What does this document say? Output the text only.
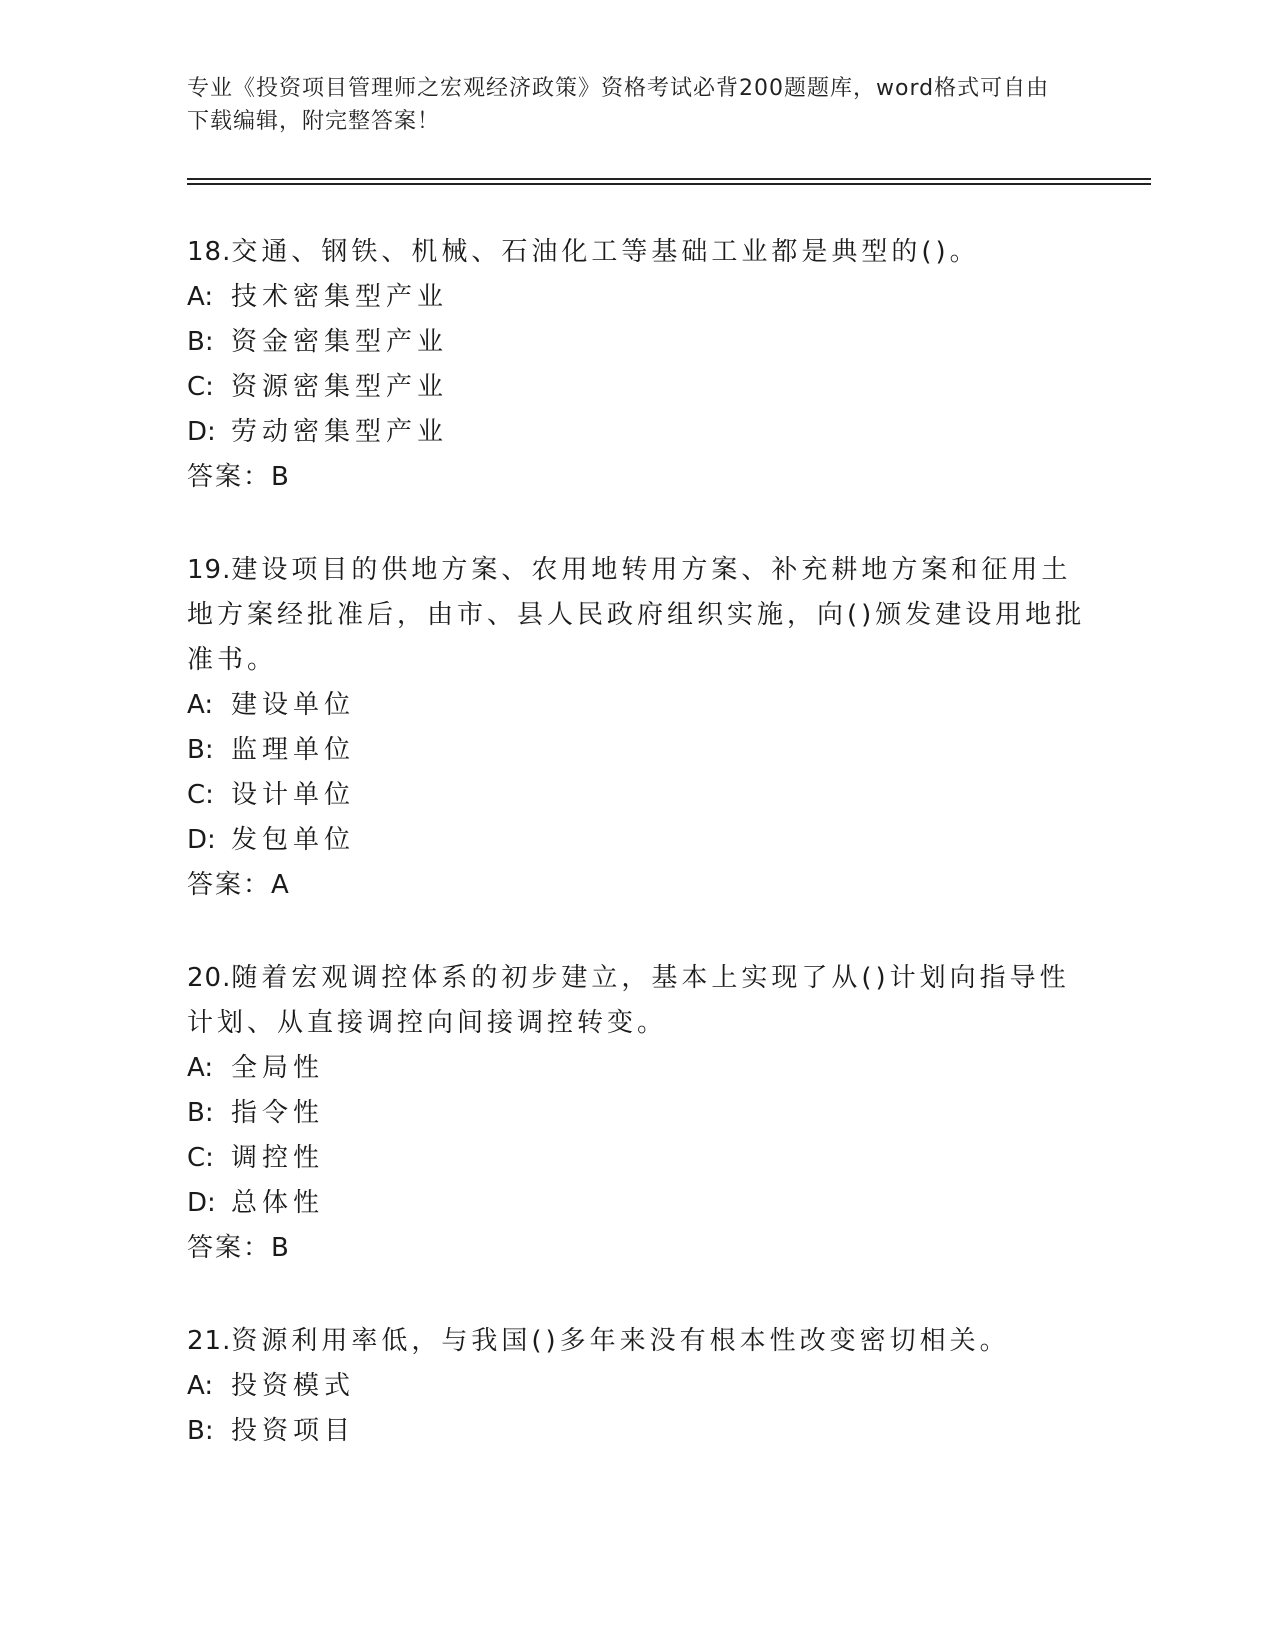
专业《投资项目管理师之宏观经济政策》资格考试必背200题题库，word格式可自由下载编辑，附完整答案！

18.交通、钢铁、机械、石油化工等基础工业都是典型的()。

A: 技术密集型产业

B: 资金密集型产业

C: 资源密集型产业

D: 劳动密集型产业

答案：B

19.建设项目的供地方案、农用地转用方案、补充耕地方案和征用土地方案经批准后，由市、县人民政府组织实施，向()颁发建设用地批准书。

A: 建设单位

B: 监理单位

C: 设计单位

D: 发包单位

答案：A

20.随着宏观调控体系的初步建立，基本上实现了从()计划向指导性计划、从直接调控向间接调控转变。

A: 全局性

B: 指令性

C: 调控性

D: 总体性

答案：B

21.资源利用率低，与我国()多年来没有根本性改变密切相关。

A: 投资模式

B: 投资项目
